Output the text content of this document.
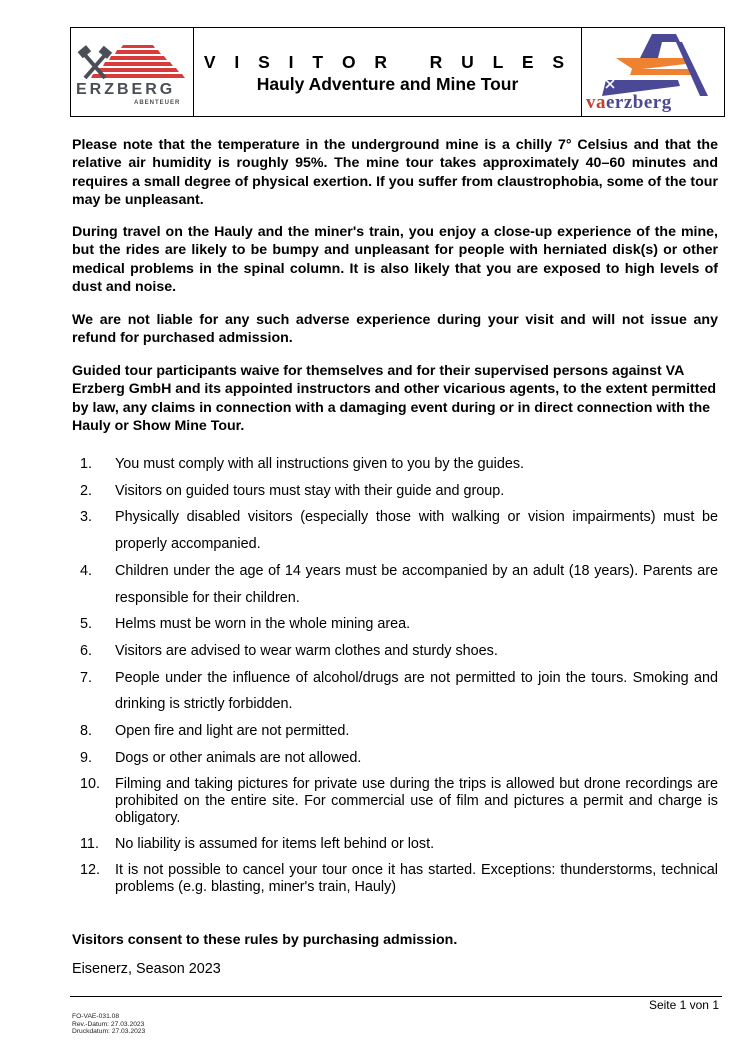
ERZBERG
ABENTEUER
V I S I T O R   R U L E S
Hauly Adventure and Mine Tour
vaerzberg
Please note that the temperature in the underground mine is a chilly 7° Celsius and that the relative air humidity is roughly 95%. The mine tour takes approximately 40–60 minutes and requires a small degree of physical exertion. If you suffer from claustrophobia, some of the tour may be unpleasant.
During travel on the Hauly and the miner's train, you enjoy a close-up experience of the mine, but the rides are likely to be bumpy and unpleasant for people with herniated disk(s) or other medical problems in the spinal column. It is also likely that you are exposed to high levels of dust and noise.
We are not liable for any such adverse experience during your visit and will not issue any refund for purchased admission.
Guided tour participants waive for themselves and for their supervised persons against VA Erzberg GmbH and its appointed instructors and other vicarious agents, to the extent permitted by law, any claims in connection with a damaging event during or in direct connection with the Hauly or Show Mine Tour.
1. You must comply with all instructions given to you by the guides.
2. Visitors on guided tours must stay with their guide and group.
3. Physically disabled visitors (especially those with walking or vision impairments) must be properly accompanied.
4. Children under the age of 14 years must be accompanied by an adult (18 years). Parents are responsible for their children.
5. Helms must be worn in the whole mining area.
6. Visitors are advised to wear warm clothes and sturdy shoes.
7. People under the influence of alcohol/drugs are not permitted to join the tours. Smoking and drinking is strictly forbidden.
8. Open fire and light are not permitted.
9. Dogs or other animals are not allowed.
10. Filming and taking pictures for private use during the trips is allowed but drone recordings are prohibited on the entire site. For commercial use of film and pictures a permit and charge is obligatory.
11. No liability is assumed for items left behind or lost.
12. It is not possible to cancel your tour once it has started. Exceptions: thunderstorms, technical problems (e.g. blasting, miner's train, Hauly)
Visitors consent to these rules by purchasing admission.
Eisenerz, Season 2023
Seite 1 von 1
FO-VAE-031.08
Rev.-Datum: 27.03.2023
Druckdatum: 27.03.2023
